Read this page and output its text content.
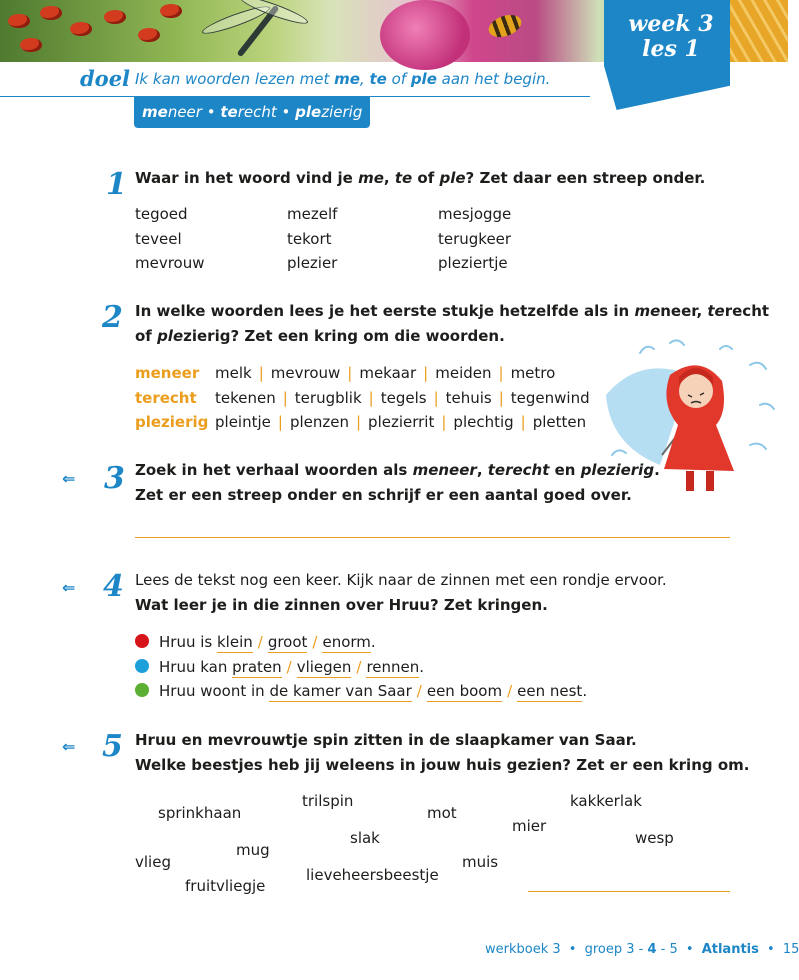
week 3
les 1
doel Ik kan woorden lezen met me, te of ple aan het begin.
meneer • terecht • plezierig
1 Waar in het woord vind je me, te of ple? Zet daar een streep onder.
tegoed
teveel
mevrouw
mezelf
tekort
plezier
mesjogge
terugkeer
pleziertje
2 In welke woorden lees je het eerste stukje hetzelfde als in meneer, terecht
of plezierig? Zet een kring om die woorden.
meneer melk | mevrouw | mekaar | meiden | metro
terecht tekenen | terugblik | tegels | tehuis | tegenwind
plezierig pleintje | plenzen | plezierrit | plechtig | pletten
⇐ 3 Zoek in het verhaal woorden als meneer, terecht en plezierig.
Zet er een streep onder en schrijf er een aantal goed over.
⇐ 4 Lees de tekst nog een keer. Kijk naar de zinnen met een rondje ervoor.
Wat leer je in die zinnen over Hruu? Zet kringen.
Hruu is klein / groot / enorm.
Hruu kan praten / vliegen / rennen.
Hruu woont in de kamer van Saar / een boom / een nest.
⇐ 5 Hruu en mevrouwtje spin zitten in de slaapkamer van Saar.
Welke beestjes heb jij weleens in jouw huis gezien? Zet er een kring om.
sprinkhaan
trilspin
mot
kakkerlak
mier
slak	wesp
mug
vlieg	muis
lieveheersbeestje
fruitvliegje
werkboek 3 • groep 3 - 4 - 5 • Atlantis • 15
